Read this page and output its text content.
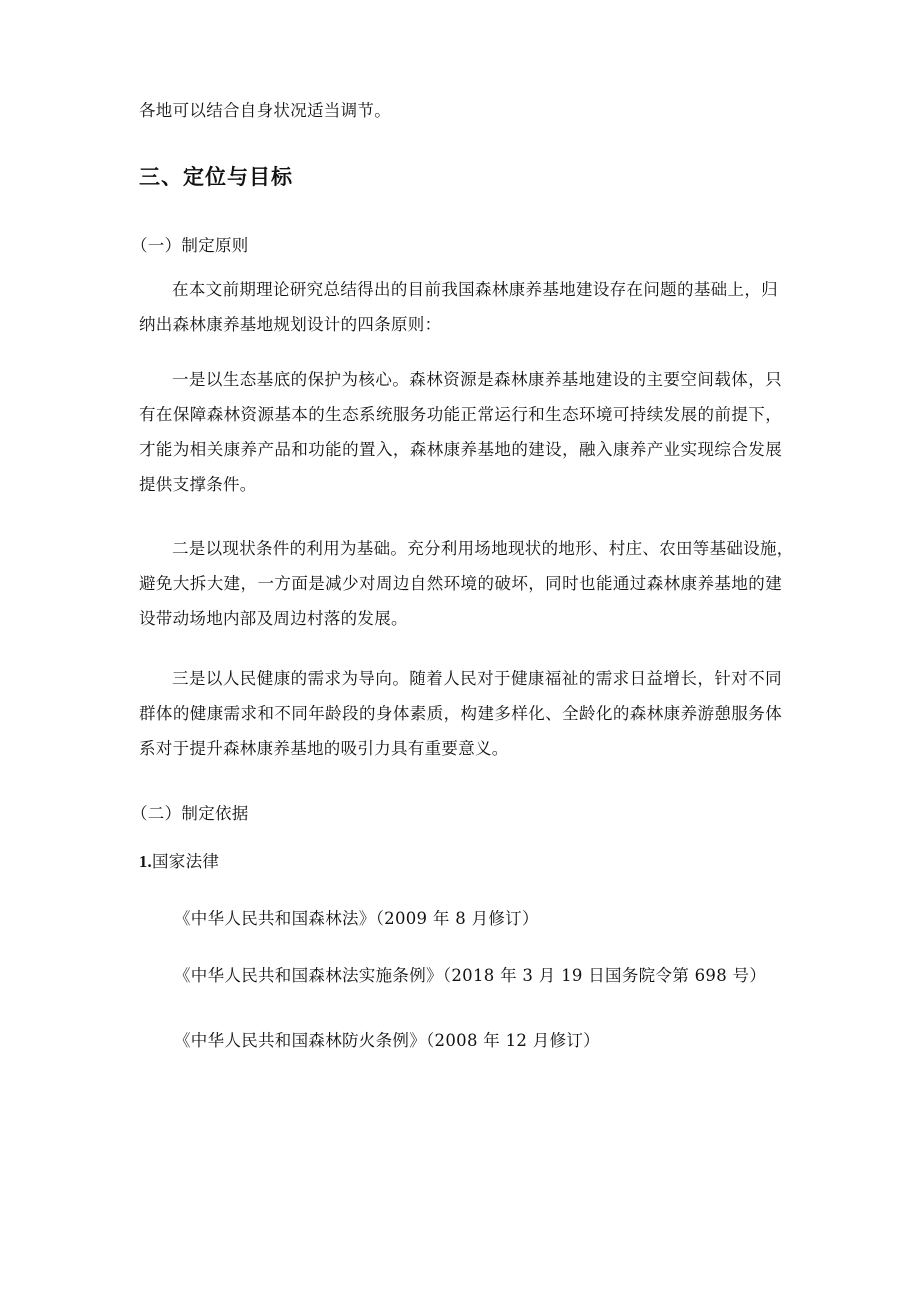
各地可以结合自身状况适当调节。
三、定位与目标
（一）制定原则
在本文前期理论研究总结得出的目前我国森林康养基地建设存在问题的基础上，归
纳出森林康养基地规划设计的四条原则：
一是以生态基底的保护为核心。森林资源是森林康养基地建设的主要空间载体，只
有在保障森林资源基本的生态系统服务功能正常运行和生态环境可持续发展的前提下，
才能为相关康养产品和功能的置入，森林康养基地的建设，融入康养产业实现综合发展
提供支撑条件。
二是以现状条件的利用为基础。充分利用场地现状的地形、村庄、农田等基础设施，
避免大拆大建，一方面是减少对周边自然环境的破坏，同时也能通过森林康养基地的建
设带动场地内部及周边村落的发展。
三是以人民健康的需求为导向。随着人民对于健康福祉的需求日益增长，针对不同
群体的健康需求和不同年龄段的身体素质，构建多样化、全龄化的森林康养游憩服务体
系对于提升森林康养基地的吸引力具有重要意义。
（二）制定依据
1.国家法律
《中华人民共和国森林法》（2009 年 8 月修订）
《中华人民共和国森林法实施条例》（2018 年 3 月 19 日国务院令第 698 号）
《中华人民共和国森林防火条例》（2008 年 12 月修订）
